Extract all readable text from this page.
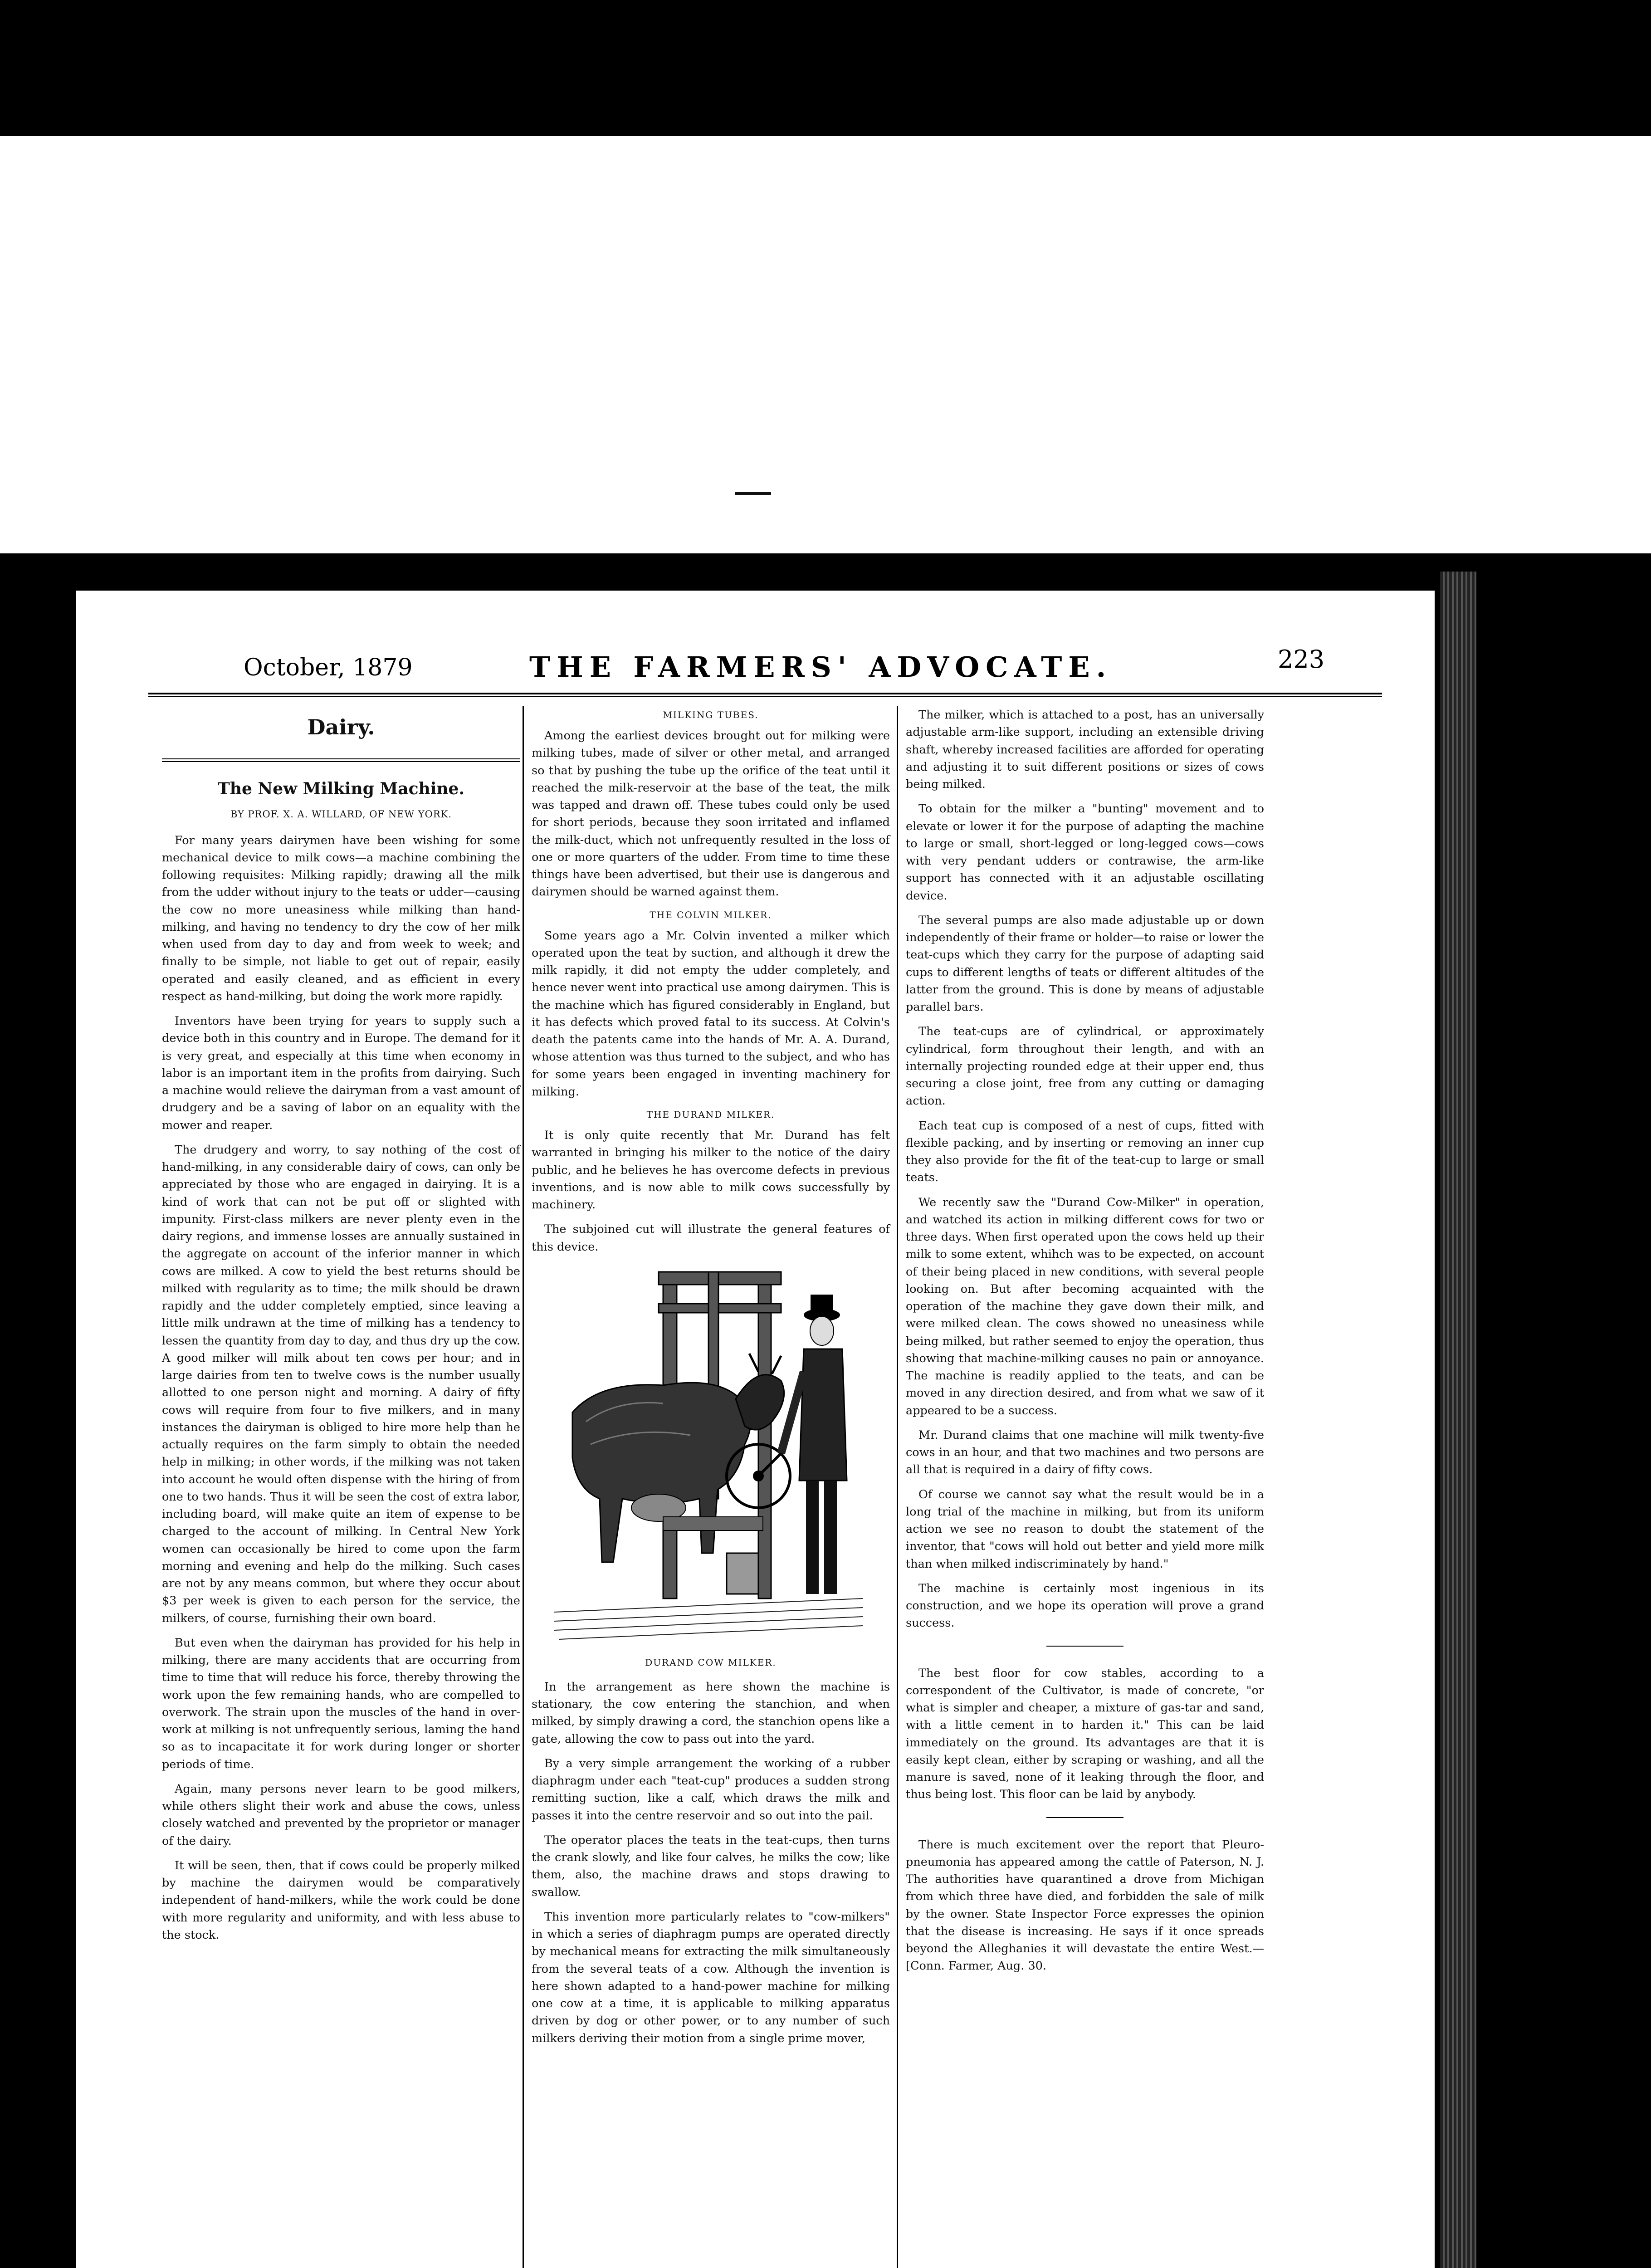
October, 1879	THE FARMERS' ADVOCATE.	223
Dairy.
The New Milking Machine.
BY PROF. X. A. WILLARD, OF NEW YORK.

For many years dairymen have been wishing for some mechanical device to milk cows—a machine combining the following requisites: Milking rapidly; drawing all the milk from the udder without injury to the teats or udder—causing the cow no more uneasiness while milking than hand-milking, and having no tendency to dry the cow of her milk when used from day to day and from week to week; and finally to be simple, not liable to get out of repair, easily operated and easily cleaned, and as efficient in every respect as hand-milking, but doing the work more rapidly.

Inventors have been trying for years to supply such a device both in this country and in Europe. The demand for it is very great, and especially at this time when economy in labor is an important item in the profits from dairying. Such a machine would relieve the dairyman from a vast amount of drudgery and be a saving of labor on an equality with the mower and reaper.

The drudgery and worry, to say nothing of the cost of hand-milking, in any considerable dairy of cows, can only be appreciated by those who are engaged in dairying. It is a kind of work that can not be put off or slighted with impunity. First-class milkers are never plenty even in the dairy regions, and immense losses are annually sustained in the aggregate on account of the inferior manner in which cows are milked. A cow to yield the best returns should be milked with regularity as to time; the milk should be drawn rapidly and the udder completely emptied, since leaving a little milk undrawn at the time of milking has a tendency to lessen the quantity from day to day, and thus dry up the cow. A good milker will milk about ten cows per hour; and in large dairies from ten to twelve cows is the number usually allotted to one person night and morning. A dairy of fifty cows will require from four to five milkers, and in many instances the dairyman is obliged to hire more help than he actually requires on the farm simply to obtain the needed help in milking; in other words, if the milking was not taken into account he would often dispense with the hiring of from one to two hands. Thus it will be seen the cost of extra labor, including board, will make quite an item of expense to be charged to the account of milking. In Central New York women can occasionally be hired to come upon the farm morning and evening and help do the milking. Such cases are not by any means common, but where they occur about $3 per week is given to each person for the service, the milkers, of course, furnishing their own board.

But even when the dairyman has provided for his help in milking, there are many accidents that are occurring from time to time that will reduce his force, thereby throwing the work upon the few remaining hands, who are compelled to overwork. The strain upon the muscles of the hand in over-work at milking is not unfrequently serious, laming the hand so as to incapacitate it for work during longer or shorter periods of time.

Again, many persons never learn to be good milkers, while others slight their work and abuse the cows, unless closely watched and prevented by the proprietor or manager of the dairy.

It will be seen, then, that if cows could be properly milked by machine the dairymen would be comparatively independent of hand-milkers, while the work could be done with more regularity and uniformity, and with less abuse to the stock.

MILKING TUBES.

Among the earliest devices brought out for milking were milking tubes, made of silver or other metal, and arranged so that by pushing the tube up the orifice of the teat until it reached the milk-reservoir at the base of the teat, the milk was tapped and drawn off. These tubes could only be used for short periods, because they soon irritated and inflamed the milk-duct, which not unfrequently resulted in the loss of one or more quarters of the udder. From time to time these things have been advertised, but their use is dangerous and dairymen should be warned against them.

THE COLVIN MILKER.

Some years ago a Mr. Colvin invented a milker which operated upon the teat by suction, and although it drew the milk rapidly, it did not empty the udder completely, and hence never went into practical use among dairymen. This is the machine which has figured considerably in England, but it has defects which proved fatal to its success. At Colvin's death the patents came into the hands of Mr. A. A. Durand, whose attention was thus turned to the subject, and who has for some years been engaged in inventing machinery for milking.

THE DURAND MILKER.

It is only quite recently that Mr. Durand has felt warranted in bringing his milker to the notice of the dairy public, and he believes he has overcome defects in previous inventions, and is now able to milk cows successfully by machinery.

The subjoined cut will illustrate the general features of this device.

DURAND COW MILKER.

In the arrangement as here shown the machine is stationary, the cow entering the stanchion, and when milked, by simply drawing a cord, the stanchion opens like a gate, allowing the cow to pass out into the yard.

By a very simple arrangement the working of a rubber diaphragm under each "teat-cup" produces a sudden strong remitting suction, like a calf, which draws the milk and passes it into the centre reservoir and so out into the pail.

The operator places the teats in the teat-cups, then turns the crank slowly, and like four calves, he milks the cow; like them, also, the machine draws and stops drawing to swallow.

This invention more particularly relates to "cow-milkers" in which a series of diaphragm pumps are operated directly by mechanical means for extracting the milk simultaneously from the several teats of a cow. Although the invention is here shown adapted to a hand-power machine for milking one cow at a time, it is applicable to milking apparatus driven by dog or other power, or to any number of such milkers deriving their motion from a single prime mover,

The milker, which is attached to a post, has an universally adjustable arm-like support, including an extensible driving shaft, whereby increased facilities are afforded for operating and adjusting it to suit different positions or sizes of cows being milked.

To obtain for the milker a "bunting" movement and to elevate or lower it for the purpose of adapting the machine to large or small, short-legged or long-legged cows—cows with very pendant udders or contrawise, the arm-like support has connected with it an adjustable oscillating device.

The several pumps are also made adjustable up or down independently of their frame or holder—to raise or lower the teat-cups which they carry for the purpose of adapting said cups to different lengths of teats or different altitudes of the latter from the ground. This is done by means of adjustable parallel bars.

The teat-cups are of cylindrical, or approximately cylindrical, form throughout their length, and with an internally projecting rounded edge at their upper end, thus securing a close joint, free from any cutting or damaging action.

Each teat cup is composed of a nest of cups, fitted with flexible packing, and by inserting or removing an inner cup they also provide for the fit of the teat-cup to large or small teats.

We recently saw the "Durand Cow-Milker" in operation, and watched its action in milking different cows for two or three days. When first operated upon the cows held up their milk to some extent, whihch was to be expected, on account of their being placed in new conditions, with several people looking on. But after becoming acquainted with the operation of the machine they gave down their milk, and were milked clean. The cows showed no uneasiness while being milked, but rather seemed to enjoy the operation, thus showing that machine-milking causes no pain or annoyance. The machine is readily applied to the teats, and can be moved in any direction desired, and from what we saw of it appeared to be a success.

Mr. Durand claims that one machine will milk twenty-five cows in an hour, and that two machines and two persons are all that is required in a dairy of fifty cows.

Of course we cannot say what the result would be in a long trial of the machine in milking, but from its uniform action we see no reason to doubt the statement of the inventor, that "cows will hold out better and yield more milk than when milked indiscriminately by hand."

The machine is certainly most ingenious in its construction, and we hope its operation will prove a grand success.

The best floor for cow stables, according to a correspondent of the Cultivator, is made of concrete, "or what is simpler and cheaper, a mixture of gas-tar and sand, with a little cement in to harden it." This can be laid immediately on the ground. Its advantages are that it is easily kept clean, either by scraping or washing, and all the manure is saved, none of it leaking through the floor, and thus being lost. This floor can be laid by anybody.

There is much excitement over the report that Pleuro-pneumonia has appeared among the cattle of Paterson, N. J. The authorities have quarantined a drove from Michigan from which three have died, and forbidden the sale of milk by the owner. State Inspector Force expresses the opinion that the disease is increasing. He says if it once spreads beyond the Alleghanies it will devastate the entire West.—[Conn. Farmer, Aug. 30.
